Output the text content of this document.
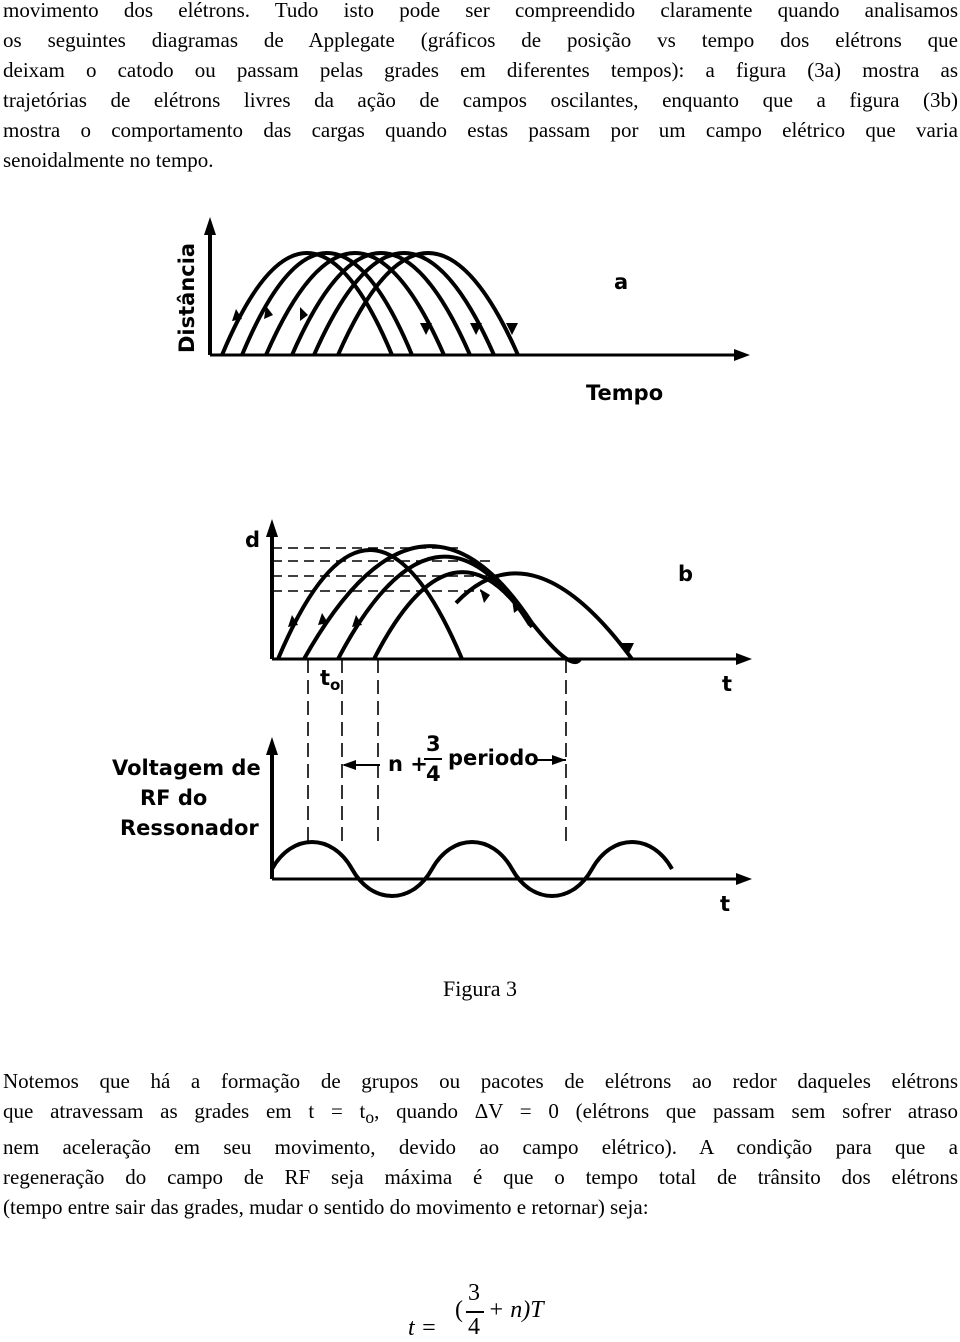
movimento dos elétrons. Tudo isto pode ser compreendido claramente quando analisamos
os seguintes diagramas de Applegate (gráficos de posição vs tempo dos elétrons que
deixam o catodo ou passam pelas grades em diferentes tempos): a figura (3a) mostra as
trajetórias de elétrons livres da ação de campos oscilantes, enquanto que a figura (3b)
mostra o comportamento das cargas quando estas passam por um campo elétrico que varia
senoidalmente no tempo.

Distância
Tempo
a
d
b
t
$t_o$
n +
3
4
periodo
Voltagem de
RF do
Ressonador
t
Figura 3

Notemos que há a formação de grupos ou pacotes de elétrons ao redor daqueles elétrons
que atravessam as grades em $t = t_o$, quando ΔV = 0 (elétrons que passam sem sofrer atraso
nem aceleração em seu movimento, devido ao campo elétrico). A condição para que a
regeneração do campo de RF seja máxima é que o tempo total de trânsito dos elétrons
(tempo entre sair das grades, mudar o sentido do movimento e retornar) seja:

t =
(
3
4
+ n)T
